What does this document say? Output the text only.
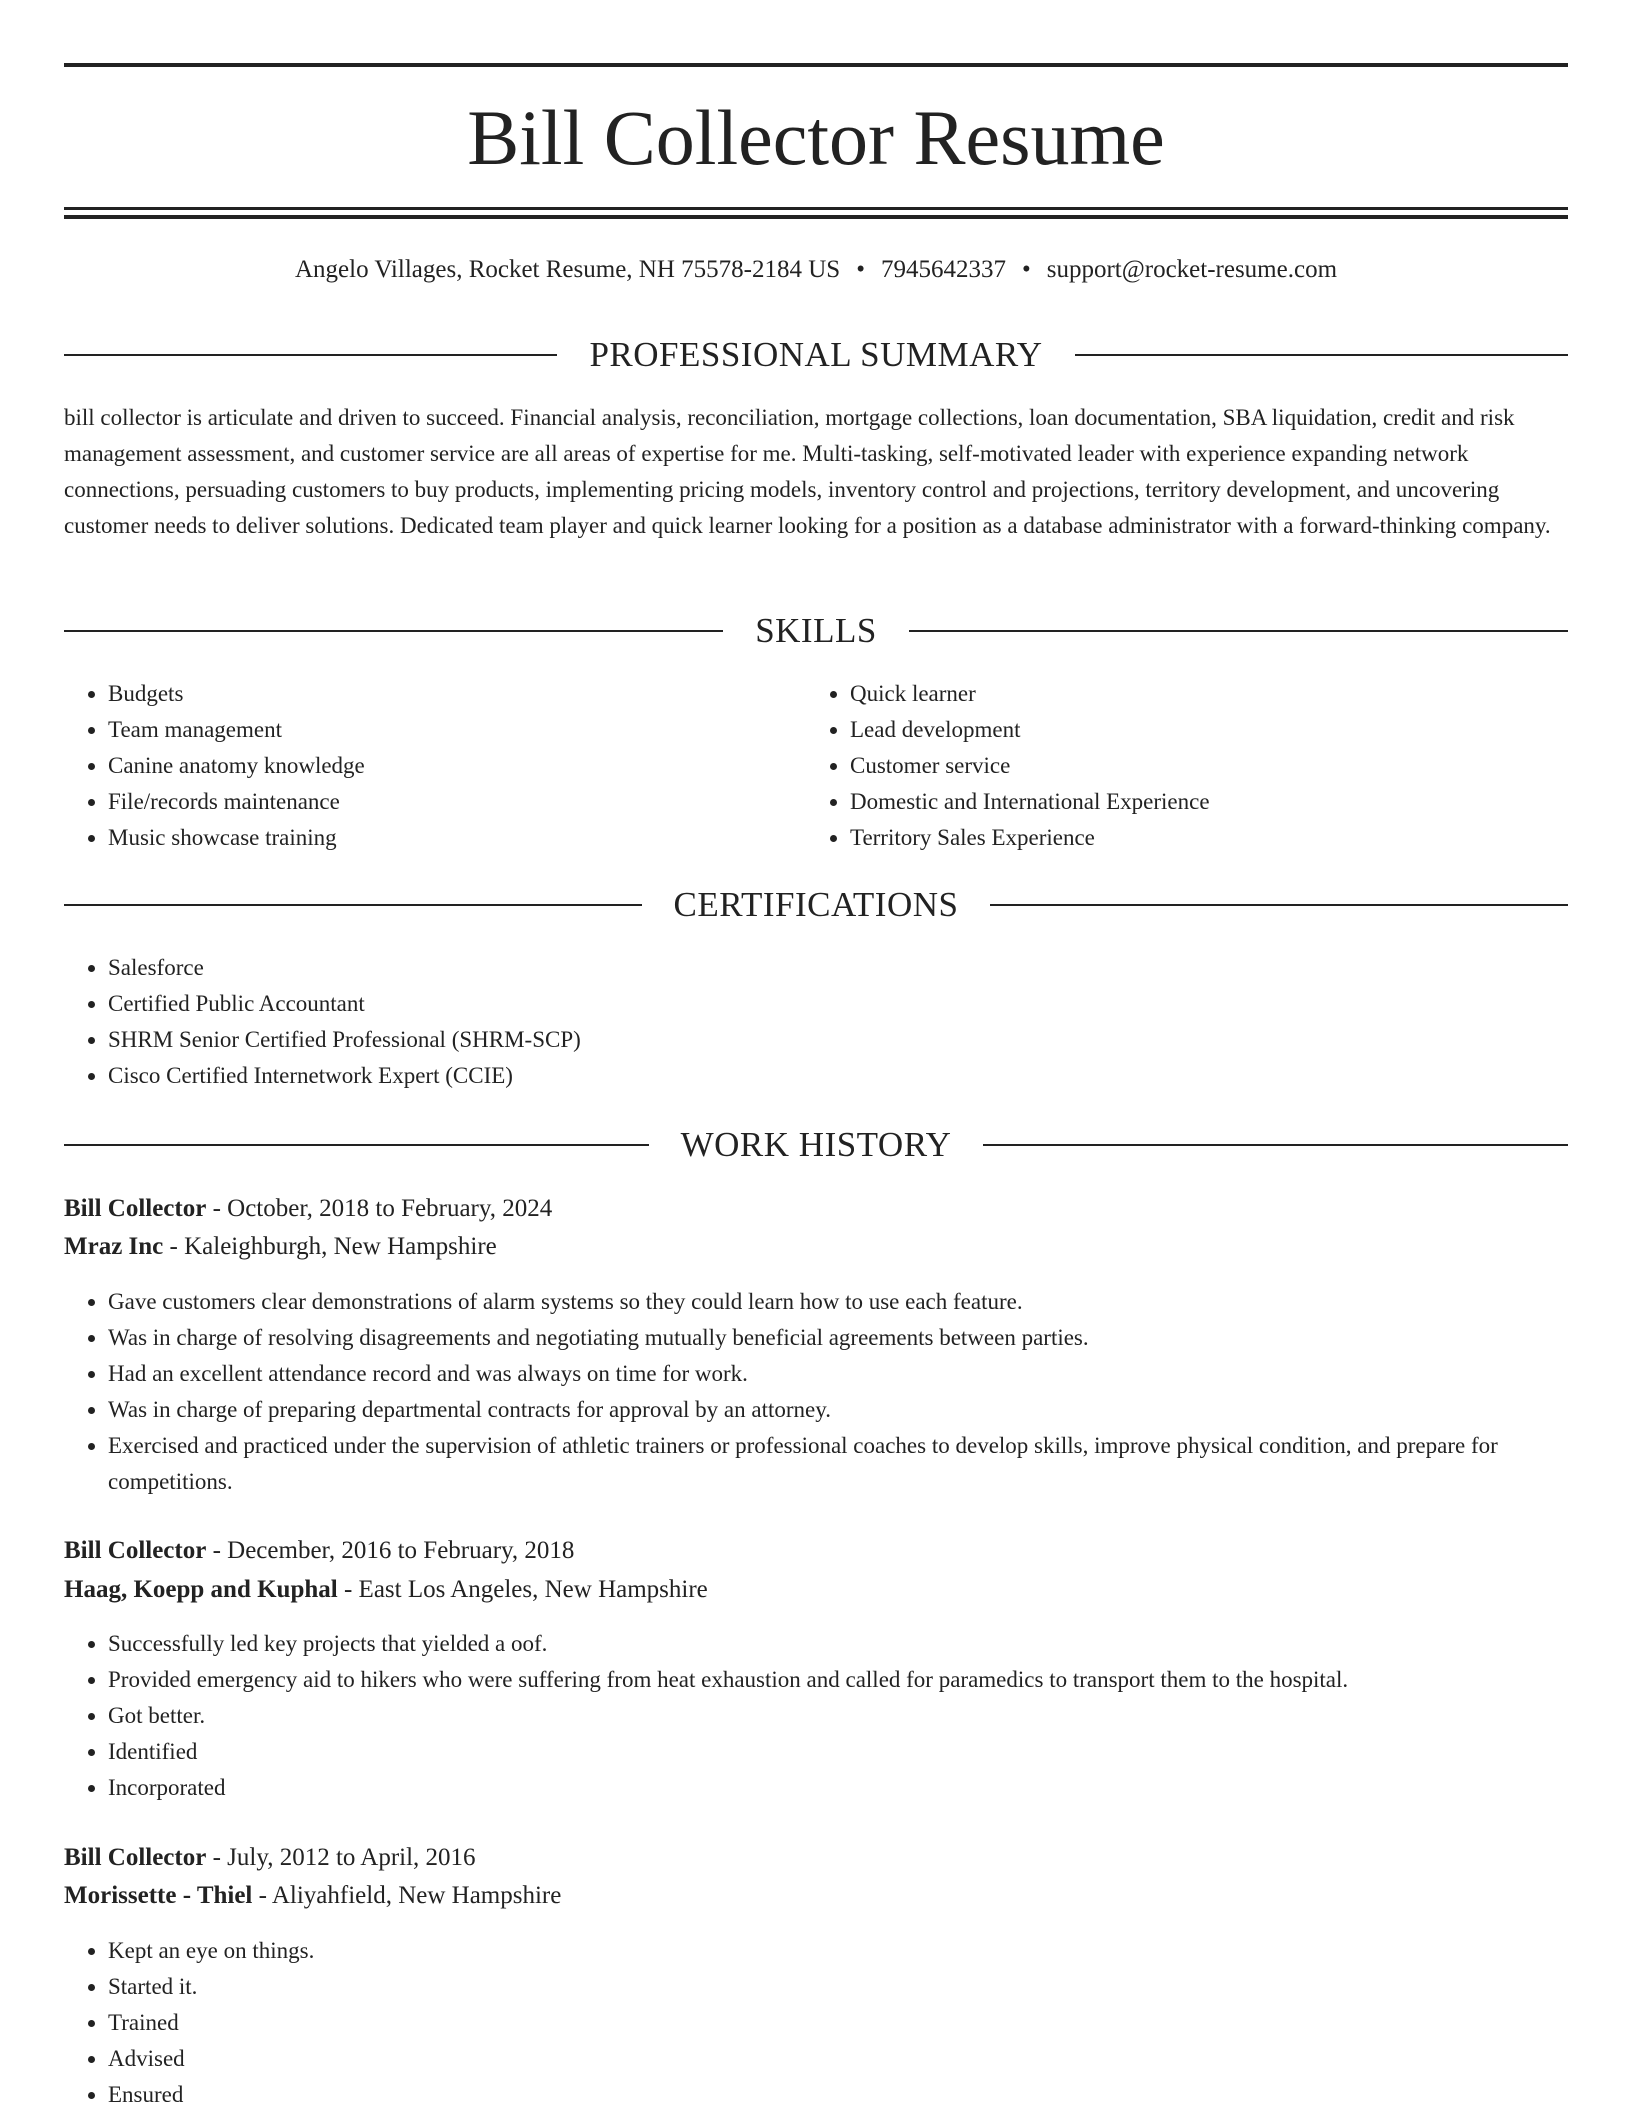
Bill Collector Resume
Angelo Villages, Rocket Resume, NH 75578-2184 US • 7945642337 • support@rocket-resume.com
PROFESSIONAL SUMMARY

bill collector is articulate and driven to succeed. Financial analysis, reconciliation, mortgage collections, loan documentation, SBA liquidation, credit and risk management assessment, and customer service are all areas of expertise for me. Multi-tasking, self-motivated leader with experience expanding network connections, persuading customers to buy products, implementing pricing models, inventory control and projections, territory development, and uncovering customer needs to deliver solutions. Dedicated team player and quick learner looking for a position as a database administrator with a forward-thinking company.

SKILLS
• Budgets
• Team management
• Canine anatomy knowledge
• File/records maintenance
• Music showcase training
• Quick learner
• Lead development
• Customer service
• Domestic and International Experience
• Territory Sales Experience
CERTIFICATIONS
• Salesforce
• Certified Public Accountant
• SHRM Senior Certified Professional (SHRM-SCP)
• Cisco Certified Internetwork Expert (CCIE)
WORK HISTORY
Bill Collector - October, 2018 to February, 2024
Mraz Inc - Kaleighburgh, New Hampshire
• Gave customers clear demonstrations of alarm systems so they could learn how to use each feature.
• Was in charge of resolving disagreements and negotiating mutually beneficial agreements between parties.
• Had an excellent attendance record and was always on time for work.
• Was in charge of preparing departmental contracts for approval by an attorney.
• Exercised and practiced under the supervision of athletic trainers or professional coaches to develop skills, improve physical condition, and prepare for competitions.
Bill Collector - December, 2016 to February, 2018
Haag, Koepp and Kuphal - East Los Angeles, New Hampshire
• Successfully led key projects that yielded a oof.
• Provided emergency aid to hikers who were suffering from heat exhaustion and called for paramedics to transport them to the hospital.
• Got better.
• Identified
• Incorporated
Bill Collector - July, 2012 to April, 2016
Morissette - Thiel - Aliyahfield, New Hampshire
• Kept an eye on things.
• Started it.
• Trained
• Advised
• Ensured
